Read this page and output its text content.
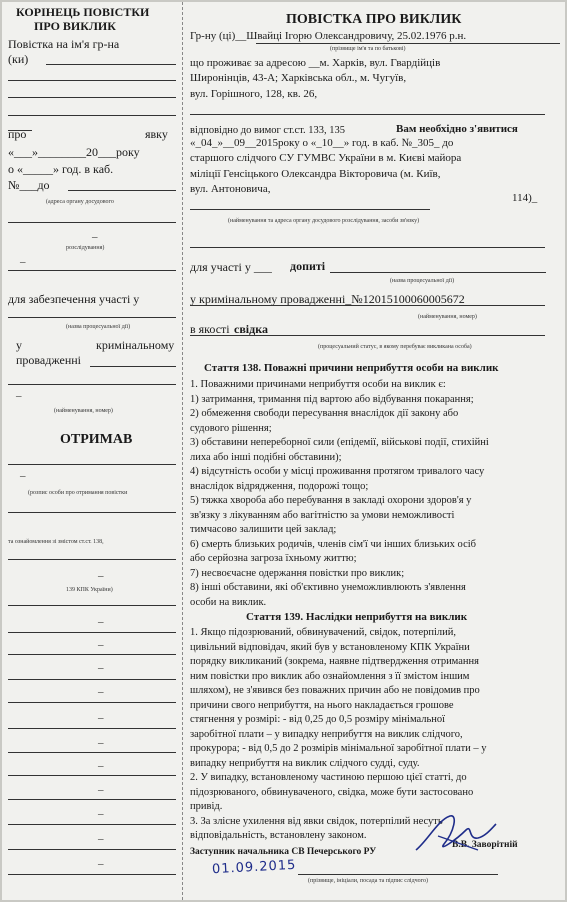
КОРІНЕЦЬ ПОВІСТКИ
ПРО ВИКЛИК
Повістка на ім'я гр-на
(ки)
про	явку
«___»________20___року
о «_____» год. в каб.
№___до
(адреса органу досудового
–
розслідування)
–
для забезпечення участі у
(назва процесуальної дії)
у	кримінальному
провадженні
–
(найменування, номер)
ОТРИМАВ
–
(розпис особи про отримання повістки
та ознайомлення зі змістом ст.ст. 138,
–
139 КПК України)
–
–
–
–
–
–
–
–
–
–
–
ПОВІСТКА ПРО ВИКЛИК
Гр-ну (ці)__Швайці Ігорю Олександровичу, 25.02.1976 р.н.
(прізвище ім'я та по батькові)
що проживає за адресою __м. Харків, вул. Гвардійців
Широнінців, 43-А; Харківська обл., м. Чугуїв,
вул. Горішного, 128, кв. 26,
відповідно до вимог ст.ст. 133, 135	Вам необхідно з'явитися
«_04_»__09__2015року о «_10__» год. в каб. №_305_ до
старшого слідчого СУ ГУМВС України в м. Києві майора
міліції Генсіцького Олександра Вікторовича (м. Київ,
вул. Антоновича,
114)_
(найменування та адреса органу досудового розслідування, засоби зв'язку)
для участі у ___ допиті
(назва процесуальної дії)
у кримінальному провадженні_№12015100060005672
(найменування, номер)
в якості свідка
(процесуальний статус, в якому перебуває викликана особа)
Стаття 138. Поважні причини неприбуття особи на виклик
1. Поважними причинами неприбуття особи на виклик є:
1) затримання, тримання під вартою або відбування покарання;
2) обмеження свободи пересування внаслідок дії закону або
судового рішення;
3) обставини непереборної сили (епідемії, військові події, стихійні
лиха або інші подібні обставини);
4) відсутність особи у місці проживання протягом тривалого часу
внаслідок відрядження, подорожі тощо;
5) тяжка хвороба або перебування в закладі охорони здоров'я у
зв'язку з лікуванням або вагітністю за умови неможливості
тимчасово залишити цей заклад;
6) смерть близьких родичів, членів сім'ї чи інших близьких осіб
або серйозна загроза їхньому життю;
7) несвоєчасне одержання повістки про виклик;
8) інші обставини, які об'єктивно унеможливлюють з'явлення
особи на виклик.
Стаття 139. Наслідки неприбуття на виклик
1. Якщо підозрюваний, обвинувачений, свідок, потерпілий,
цивільний відповідач, який був у встановленому КПК України
порядку викликаний (зокрема, наявне підтвердження отримання
ним повістки про виклик або ознайомлення з її змістом іншим
шляхом), не з'явився без поважних причин або не повідомив про
причини свого неприбуття, на нього накладається грошове
стягнення у розмірі: - від 0,25 до 0,5 розміру мінімальної
заробітної плати – у випадку неприбуття на виклик слідчого,
прокурора; - від 0,5 до 2 розмірів мінімальної заробітної плати – у
випадку неприбуття на виклик слідчого судді, суду.
2. У випадку, встановленому частиною першою цієї статті, до
підозрюваного, обвинуваченого, свідка, може бути застосовано
привід.
3. За злісне ухилення від явки свідок, потерпілий несуть
відповідальність, встановлену законом.
Заступник начальника СВ Печерського РУ
В.В. Заворітній
01.09.2015
(прізвище, ініціали, посада та підпис слідчого)
